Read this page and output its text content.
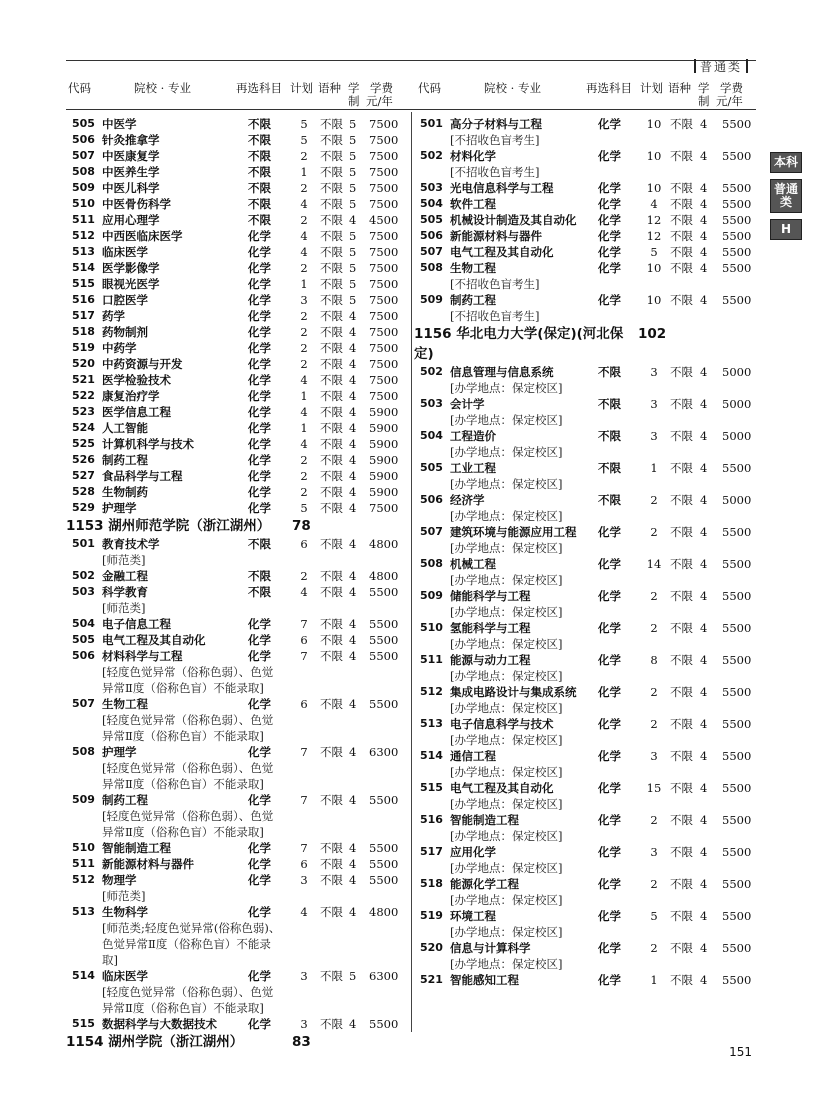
普通类
代码	院校 · 专业	再选科目 计划 语种 学
制
学费
元/年
代码	院校 · 专业	再选科目 计划 语种 学
制
学费
元/年
505 中医学	不限	5	不限 5 7500
506 针灸推拿学	不限	5	不限 5 7500
507 中医康复学	不限	2	不限 5 7500
508 中医养生学	不限	1	不限 5 7500
509 中医儿科学	不限	2	不限 5 7500
510 中医骨伤科学	不限	4	不限 5 7500
511 应用心理学	不限	2	不限 4 4500
512 中西医临床医学	化学	4	不限 5 7500
513 临床医学	化学	4	不限 5 7500
514 医学影像学	化学	2	不限 5 7500
515 眼视光医学	化学	1	不限 5 7500
516 口腔医学	化学	3	不限 5 7500
517 药学	化学	2	不限 4 7500
518 药物制剂	化学	2	不限 4 7500
519 中药学	化学	2	不限 4 7500
520 中药资源与开发	化学	2	不限 4 7500
521 医学检验技术	化学	4	不限 4 7500
522 康复治疗学	化学	1	不限 4 7500
523 医学信息工程	化学	4	不限 4 5900
524 人工智能	化学	1	不限 4 5900
525 计算机科学与技术	化学	4	不限 4 5900
526 制药工程	化学	2	不限 4 5900
527 食品科学与工程	化学	2	不限 4 5900
528 生物制药	化学	2	不限 4 5900
529 护理学	化学	5	不限 4 7500
1153 湖州师范学院（浙江湖州） 78
501 教育技术学	不限	6	不限 4 4800
[师范类]
502 金融工程	不限	2	不限 4 4800
503 科学教育	不限	4	不限 4 5500
[师范类]
504 电子信息工程	化学	7	不限 4 5500
505 电气工程及其自动化	化学	6	不限 4 5500
506 材料科学与工程	化学	7	不限 4 5500
[轻度色觉异常（俗称色弱）、色觉
异常Ⅱ度（俗称色盲）不能录取]
507 生物工程	化学	6	不限 4 5500
[轻度色觉异常（俗称色弱）、色觉
异常Ⅱ度（俗称色盲）不能录取]
508 护理学	化学	7	不限 4 6300
[轻度色觉异常（俗称色弱）、色觉
异常Ⅱ度（俗称色盲）不能录取]
509 制药工程	化学	7	不限 4 5500
[轻度色觉异常（俗称色弱）、色觉
异常Ⅱ度（俗称色盲）不能录取]
510 智能制造工程	化学	7	不限 4 5500
511 新能源材料与器件	化学	6	不限 4 5500
512 物理学	化学	3	不限 4 5500
[师范类]
513 生物科学	化学	4	不限 4 4800
[师范类;轻度色觉异常(俗称色弱)、
色觉异常Ⅱ度（俗称色盲）不能录
取]
514 临床医学	化学	3	不限 5 6300
[轻度色觉异常（俗称色弱）、色觉
异常Ⅱ度（俗称色盲）不能录取]
515 数据科学与大数据技术	化学	3	不限 4 5500
1154 湖州学院（浙江湖州）	83
501 高分子材料与工程	化学 10 不限 4 5500
[不招收色盲考生]
502 材料化学	化学 10 不限 4 5500
[不招收色盲考生]
503 光电信息科学与工程	化学 10 不限 4 5500
504 软件工程	化学	4	不限 4 5500
505 机械设计制造及其自动化 化学 12 不限 4 5500
506 新能源材料与器件	化学 12 不限 4 5500
507 电气工程及其自动化	化学	5	不限 4 5500
508 生物工程	化学 10 不限 4 5500
[不招收色盲考生]
509 制药工程	化学 10 不限 4 5500
[不招收色盲考生]
1156 华北电力大学(保定)(河北保 102
定)
502 信息管理与信息系统	不限	3	不限 4 5000
[办学地点：保定校区]
503 会计学	不限	3	不限 4 5000
[办学地点：保定校区]
504 工程造价	不限	3	不限 4 5000
[办学地点：保定校区]
505 工业工程	不限	1	不限 4 5500
[办学地点：保定校区]
506 经济学	不限	2	不限 4 5000
[办学地点：保定校区]
507 建筑环境与能源应用工程 化学	2	不限 4 5500
[办学地点：保定校区]
508 机械工程	化学 14 不限 4 5500
[办学地点：保定校区]
509 储能科学与工程	化学	2	不限 4 5500
[办学地点：保定校区]
510 氢能科学与工程	化学	2	不限 4 5500
[办学地点：保定校区]
511 能源与动力工程	化学	8	不限 4 5500
[办学地点：保定校区]
512 集成电路设计与集成系统 化学	2	不限 4 5500
[办学地点：保定校区]
513 电子信息科学与技术	化学	2	不限 4 5500
[办学地点：保定校区]
514 通信工程	化学	3	不限 4 5500
[办学地点：保定校区]
515 电气工程及其自动化	化学 15 不限 4 5500
[办学地点：保定校区]
516 智能制造工程	化学	2	不限 4 5500
[办学地点：保定校区]
517 应用化学	化学	3	不限 4 5500
[办学地点：保定校区]
518 能源化学工程	化学	2	不限 4 5500
[办学地点：保定校区]
519 环境工程	化学	5	不限 4 5500
[办学地点：保定校区]
520 信息与计算科学	化学	2	不限 4 5500
[办学地点：保定校区]
521 智能感知工程	化学	1	不限 4 5500
本科
普通类
H
151
